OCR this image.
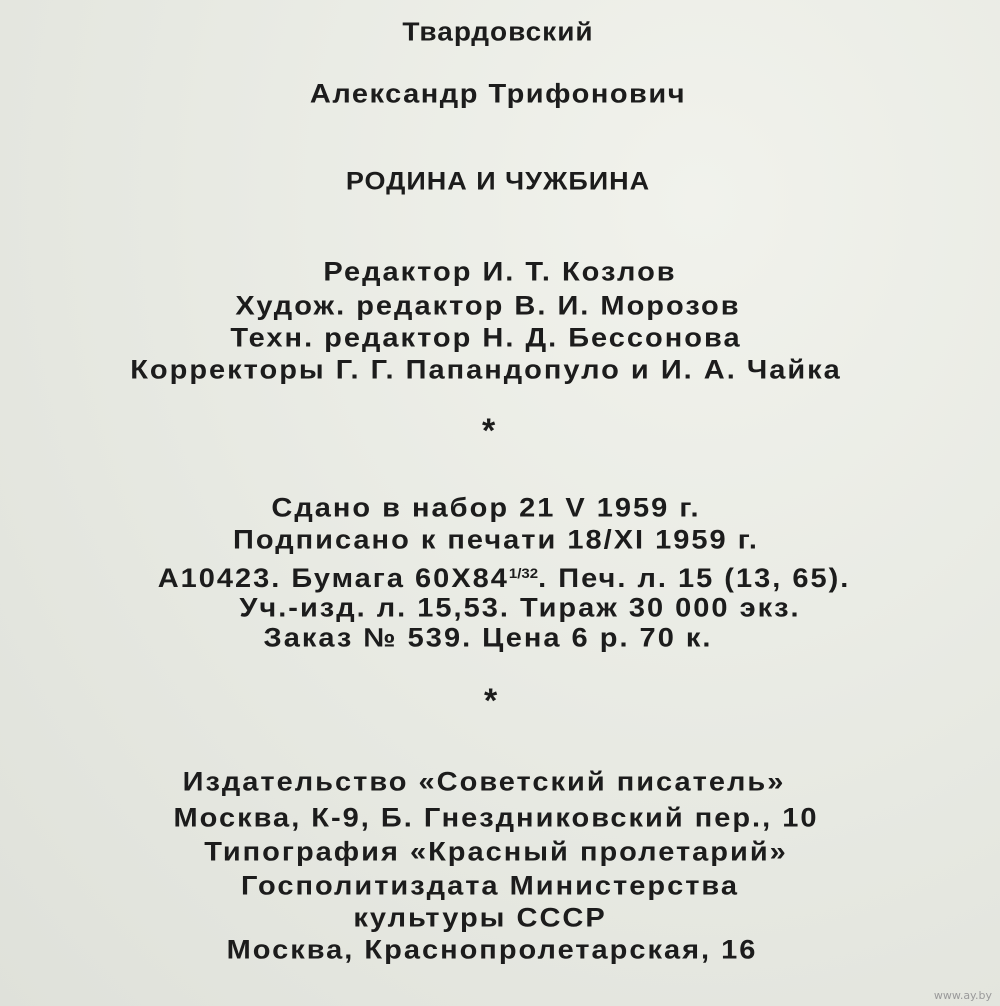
Твардовский
Александр Трифонович
РОДИНА И ЧУЖБИНА
Редактор И. Т. Козлов
Худож. редактор В. И. Морозов
Техн. редактор Н. Д. Бессонова
Корректоры Г. Г. Папандопуло и И. А. Чайка
*
Сдано в набор 21 V 1959 г.
Подписано к печати 18/XI 1959 г.
А10423. Бумага $60Х84^{1/32}$. Печ. л. 15 (13, 65).
Уч.-изд. л. 15,53. Тираж 30 000 экз.
Заказ № 539. Цена 6 р. 70 к.
*
Издательство «Советский писатель»
Москва, К-9, Б. Гнездниковский пер., 10
Типография «Красный пролетарий»
Госполитиздата Министерства
культуры СССР
Москва, Краснопролетарская, 16
www.ay.by
